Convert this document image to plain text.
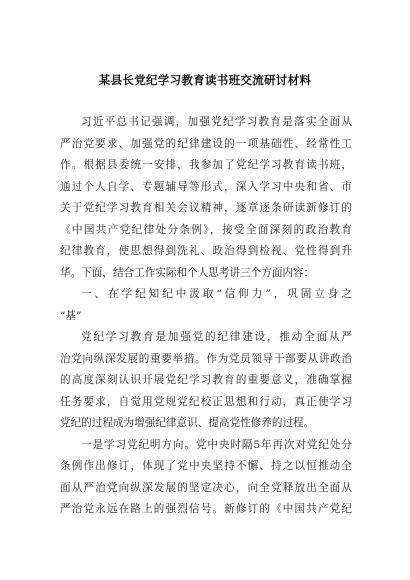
某县长党纪学习教育读书班交流研讨材料
习近平总书记强调，加强党纪学习教育是落实全面从
严治党要求、加强党的纪律建设的一项基础性、经常性工
作。根据县委统一安排，我参加了党纪学习教育读书班，
通过个人自学、专题辅导等形式，深入学习中央和省、市
关于党纪学习教育相关会议精神，逐章逐条研读新修订的
《中国共产党纪律处分条例》，接受全面深刻的政治教育
纪律教育，使思想得到洗礼、政治得到检视、党性得到升
华。下面，结合工作实际和个人思考讲三个方面内容：
一、在学纪知纪中汲取“信仰力”，巩固立身之
“基”
党纪学习教育是加强党的纪律建设，推动全面从严
治党向纵深发展的重要举措。作为党员领导干部要从讲政治
的高度深刻认识开展党纪学习教育的重要意义，准确掌握
任务要求，自觉用党规党纪校正思想和行动，真正使学习
党纪的过程成为增强纪律意识、提高党性修养的过程。
一是学习党纪明方向。党中央时隔5年再次对党纪处分
条例作出修订，体现了党中央坚持不懈、持之以恒推动全
面从严治党向纵深发展的坚定决心，向全党释放出全面从
严治党永远在路上的强烈信号。新修订的《中国共产党纪
